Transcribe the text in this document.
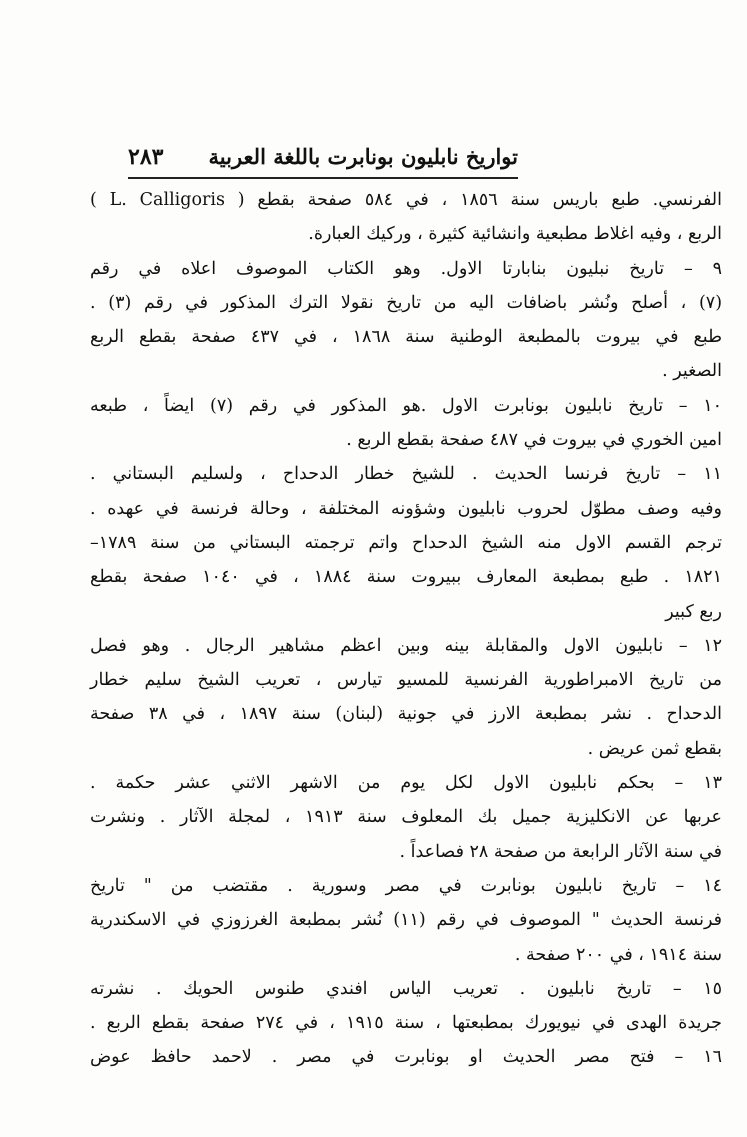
تواريخ نابليون بونابرت باللغة العربية
٢٨٣
( L. Calligoris ) الفرنسي. طبع باريس سنة ١٨٥٦ ، في ٥٨٤ صفحة بقطع
الربع ، وفيه اغلاط مطبعية وانشائية كثيرة ، وركيك العبارة.
٩ – تاريخ نبليون بنابارتا الاول. وهو الكتاب الموصوف اعلاه في رقم
(٧) ، أصلح ونُشر باضافات اليه من تاريخ نقولا الترك المذكور في رقم (٣) .
طبع في بيروت بالمطبعة الوطنية سنة ١٨٦٨ ، في ٤٣٧ صفحة بقطع الربع
الصغير .
١٠ – تاريخ نابليون بونابرت الاول .هو المذكور في رقم (٧) ايضاً ، طبعه
امين الخوري في بيروت في ٤٨٧ صفحة بقطع الربع .
١١ – تاريخ فرنسا الحديث . للشيخ خطار الدحداح ، ولسليم البستاني .
وفيه وصف مطوّل لحروب نابليون وشؤونه المختلفة ، وحالة فرنسة في عهده .
ترجم القسم الاول منه الشيخ الدحداح واتم ترجمته البستاني من سنة ١٧٨٩–
١٨٢١ . طبع بمطبعة المعارف ببيروت سنة ١٨٨٤ ، في ١٠٤٠ صفحة بقطع
ربع كبير
١٢ – نابليون الاول والمقابلة بينه وبين اعظم مشاهير الرجال . وهو فصل
من تاريخ الامبراطورية الفرنسية للمسيو تيارس ، تعريب الشيخ سليم خطار
الدحداح . نشر بمطبعة الارز في جونية (لبنان) سنة ١٨٩٧ ، في ٣٨ صفحة
بقطع ثمن عريض .
١٣ – بحكم نابليون الاول لكل يوم من الاشهر الاثني عشر حكمة .
عربها عن الانكليزية جميل بك المعلوف سنة ١٩١٣ ، لمجلة الآثار . ونشرت
في سنة الآثار الرابعة من صفحة ٢٨ فصاعداً .
١٤ – تاريخ نابليون بونابرت في مصر وسورية . مقتضب من " تاريخ
فرنسة الحديث " الموصوف في رقم (١١) نُشر بمطبعة الغرزوزي في الاسكندرية
سنة ١٩١٤ ، في ٢٠٠ صفحة .
١٥ – تاريخ نابليون . تعريب الياس افندي طنوس الحويك . نشرته
جريدة الهدى في نيويورك بمطبعتها ، سنة ١٩١٥ ، في ٢٧٤ صفحة بقطع الربع .
١٦ – فتح مصر الحديث او بونابرت في مصر . لاحمد حافظ عوض
